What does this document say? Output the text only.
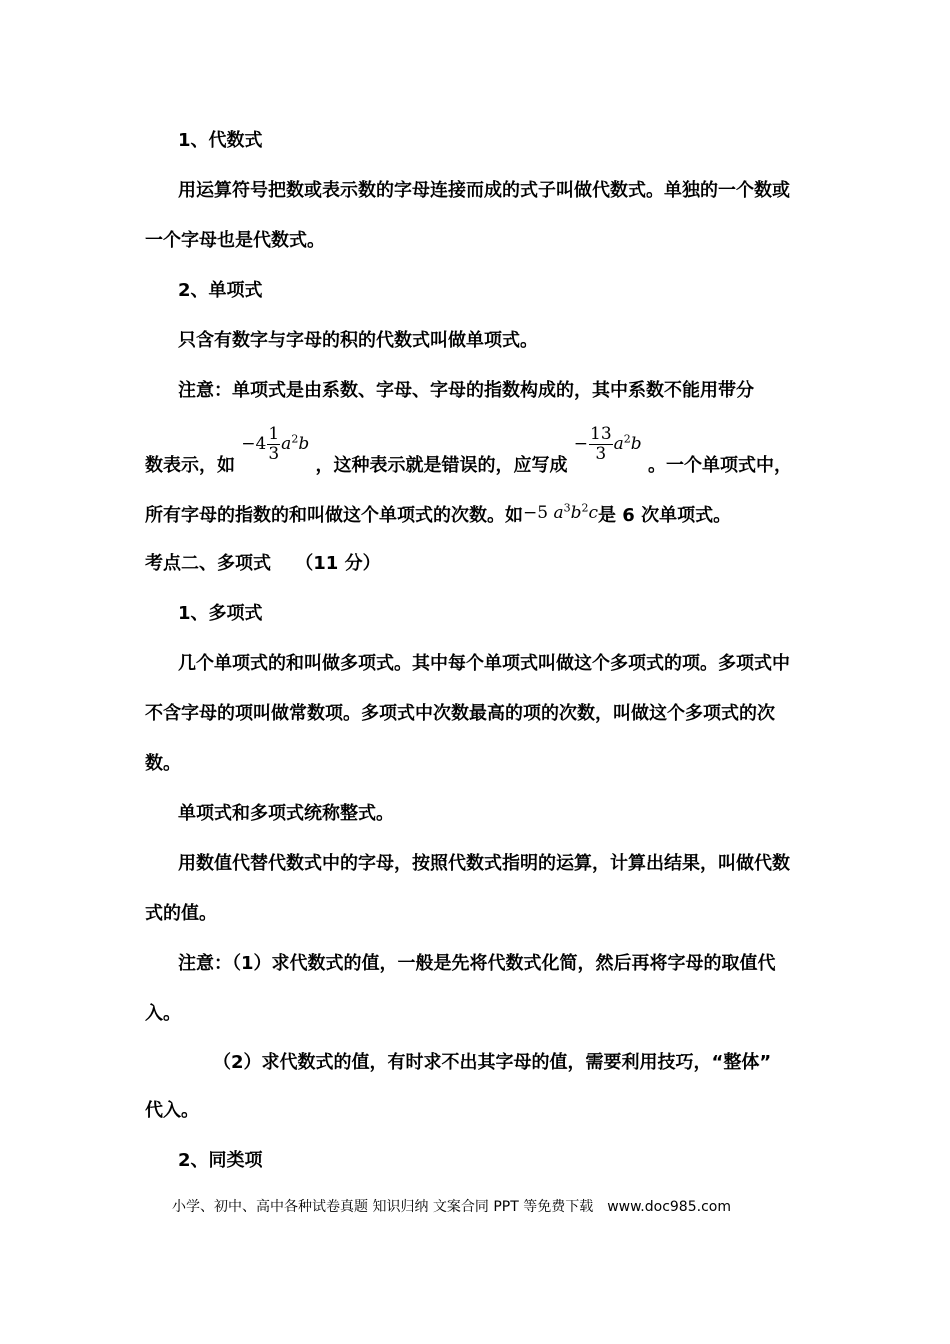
1、代数式
用运算符号把数或表示数的字母连接而成的式子叫做代数式。单独的一个数或一个字母也是代数式。
2、单项式
只含有数字与字母的积的代数式叫做单项式。
注意：单项式是由系数、字母、字母的指数构成的，其中系数不能用带分
数表示，如 $-4 \frac{1}{3} a^2b$ ，这种表示就是错误的，应写成 − $\frac{13}{3} a^2b$ 。一个单项式中，
所有字母的指数的和叫做这个单项式的次数。如−5 $a^3b^2c$是 6 次单项式。
考点二、多项式　 （11 分）
1、多项式
几个单项式的和叫做多项式。其中每个单项式叫做这个多项式的项。多项式中不含字母的项叫做常数项。多项式中次数最高的项的次数，叫做这个多项式的次数。
单项式和多项式统称整式。
用数值代替代数式中的字母，按照代数式指明的运算，计算出结果，叫做代数式的值。
注意：（1）求代数式的值，一般是先将代数式化简，然后再将字母的取值代入。
（2）求代数式的值，有时求不出其字母的值，需要利用技巧，“整体”
代入。
2、同类项
小学、初中、高中各种试卷真题 知识归纳 文案合同 PPT 等免费下载　www.doc985.com
